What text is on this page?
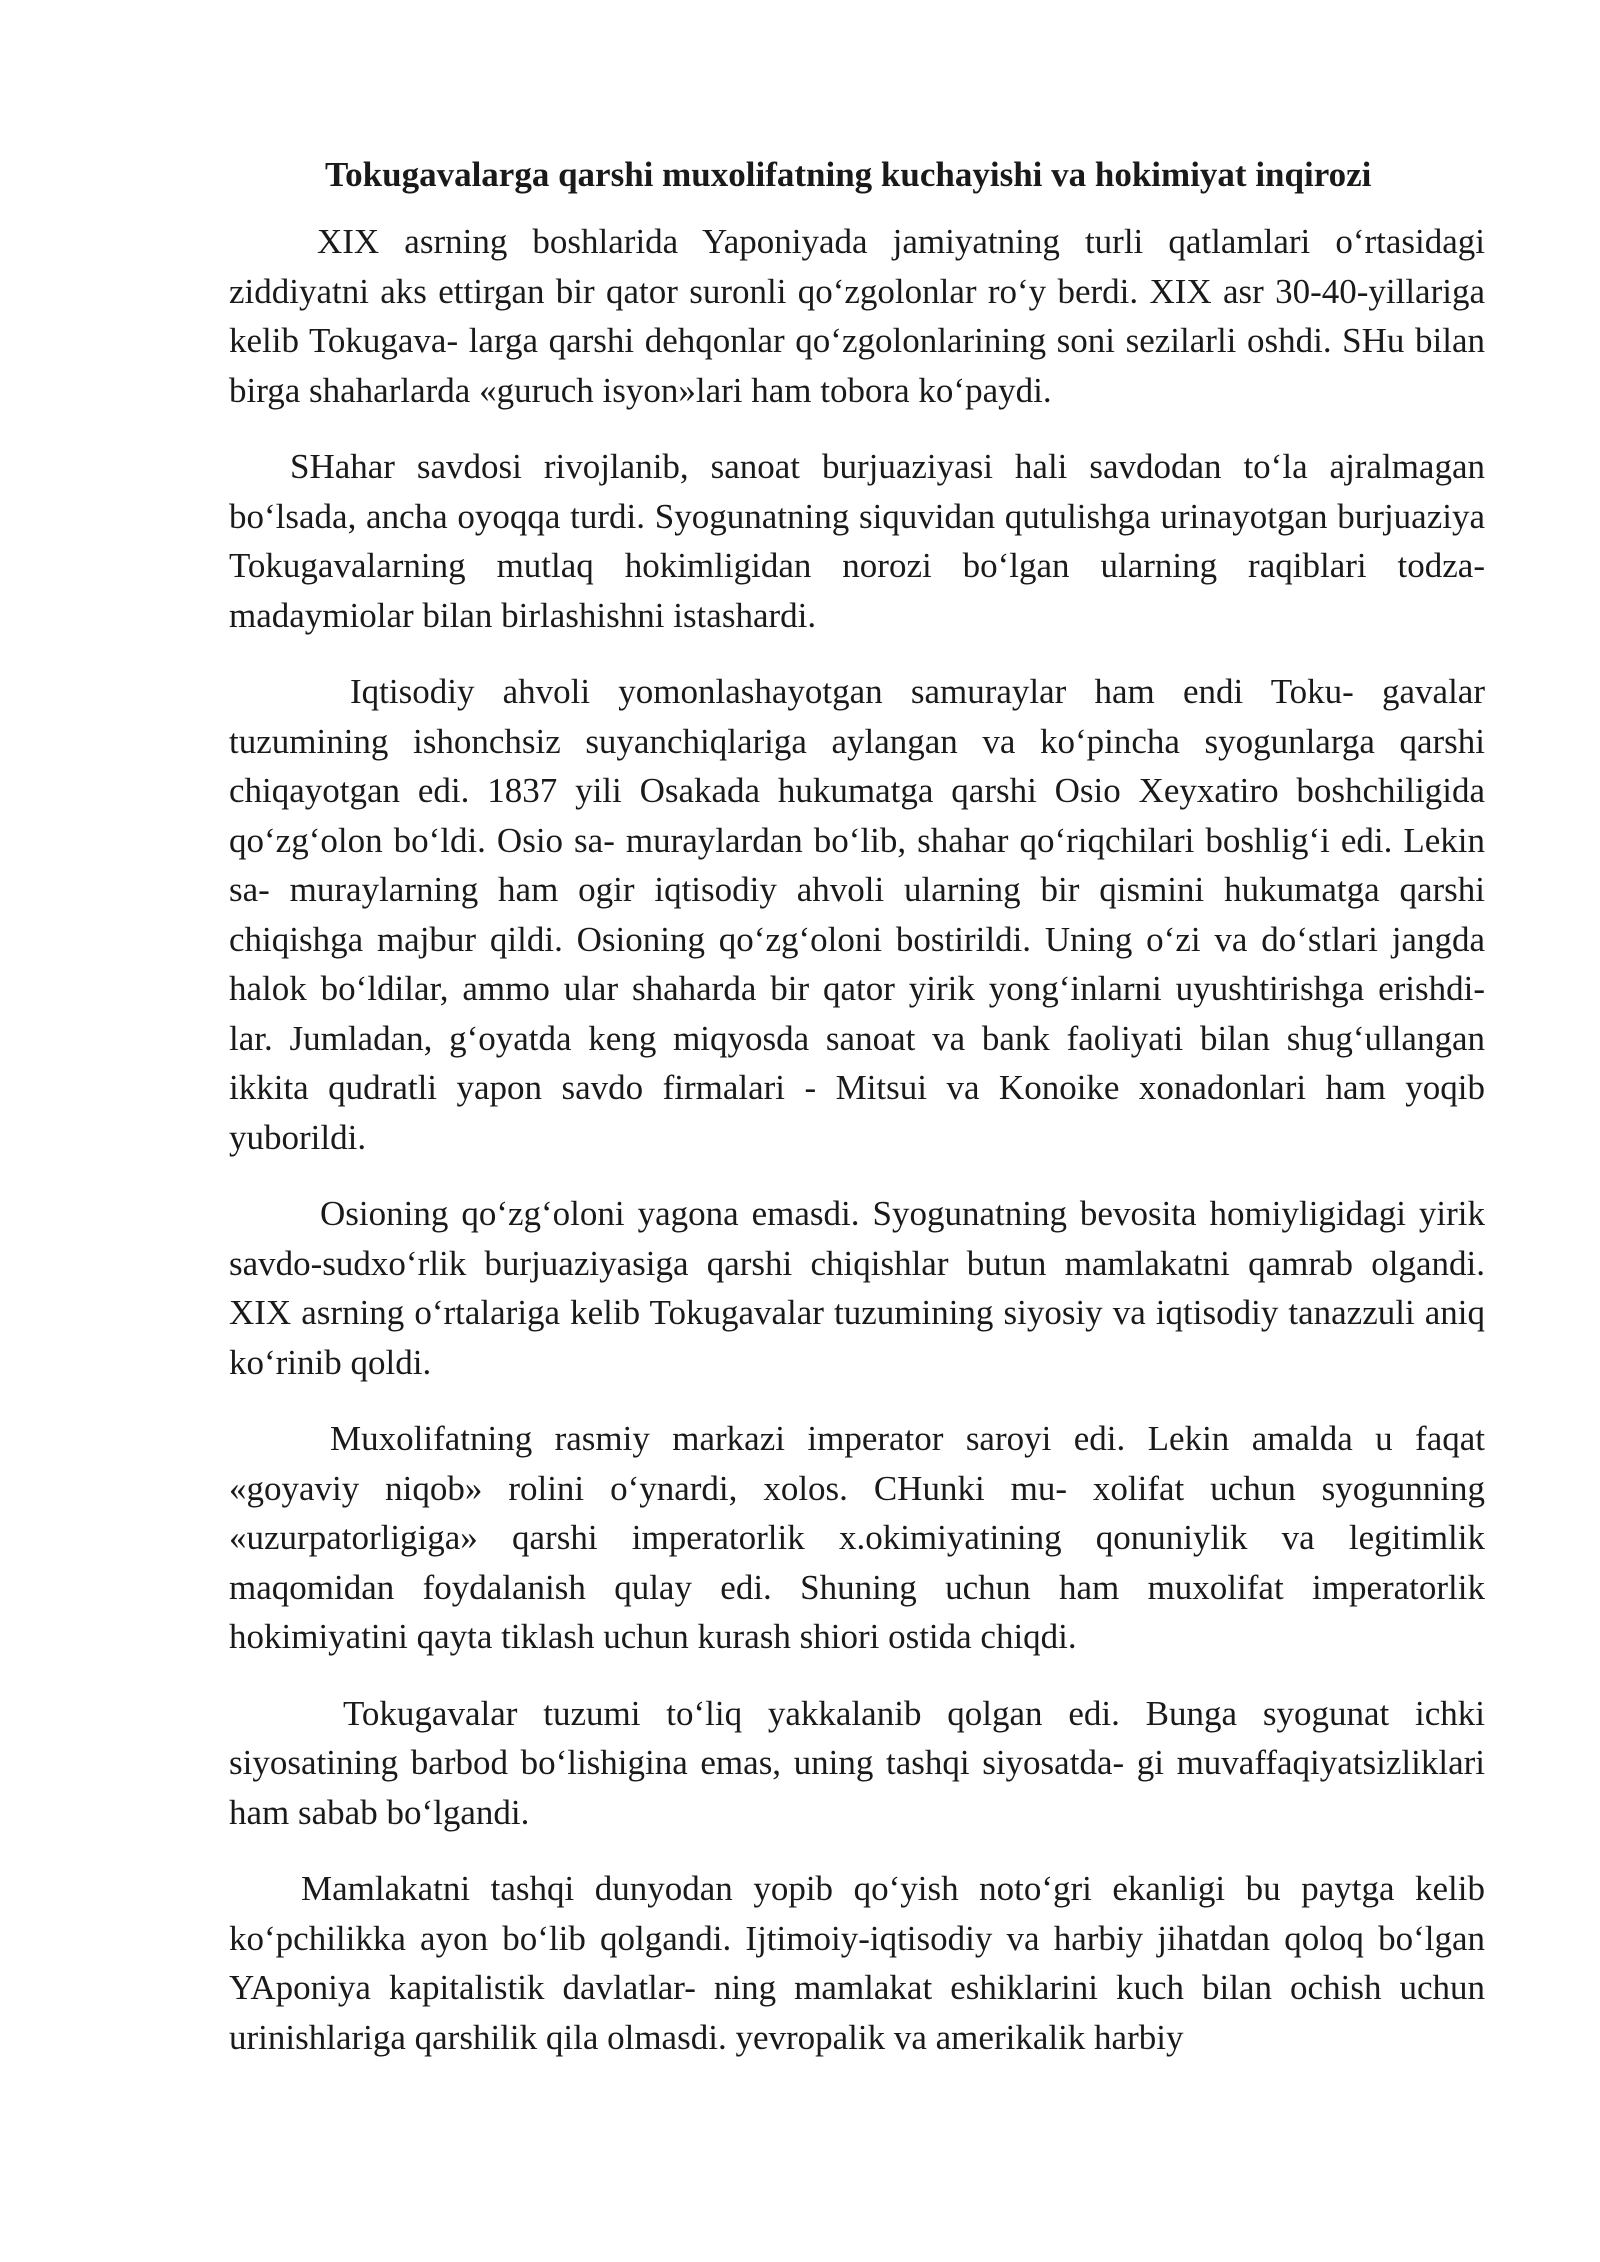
Tokugavalarga qarshi muxolifatning kuchayishi va hokimiyat inqirozi

XIX asrning boshlarida Yaponiyada jamiyatning turli qatlamlari o‘rtasidagi ziddiyatni aks ettirgan bir qator suronli qo‘zgolonlar ro‘y berdi. XIX asr 30-40-yillariga kelib Tokugava- larga qarshi dehqonlar qo‘zgolonlarining soni sezilarli oshdi. SHu bilan birga shaharlarda «guruch isyon»lari ham tobora ko‘paydi.

SHahar savdosi rivojlanib, sanoat burjuaziyasi hali savdodan to‘la ajralmagan bo‘lsada, ancha oyoqqa turdi. Syogunatning siquvidan qutulishga urinayotgan burjuaziya Tokugavalarning mutlaq hokimligidan norozi bo‘lgan ularning raqiblari todza- madaymiolar bilan birlashishni istashardi.

Iqtisodiy ahvoli yomonlashayotgan samuraylar ham endi Toku- gavalar tuzumining ishonchsiz suyanchiqlariga aylangan va ko‘pincha syogunlarga qarshi chiqayotgan edi. 1837 yili Osakada hukumatga qarshi Osio Xeyxatiro boshchiligida qo‘zg‘olon bo‘ldi. Osio sa- muraylardan bo‘lib, shahar qo‘riqchilari boshlig‘i edi. Lekin sa- muraylarning ham ogir iqtisodiy ahvoli ularning bir qismini hukumatga qarshi chiqishga majbur qildi. Osioning qo‘zg‘oloni bostirildi. Uning o‘zi va do‘stlari jangda halok bo‘ldilar, ammo ular shaharda bir qator yirik yong‘inlarni uyushtirishga erishdi- lar. Jumladan, g‘oyatda keng miqyosda sanoat va bank faoliyati bilan shug‘ullangan ikkita qudratli yapon savdo firmalari - Mitsui va Konoike xonadonlari ham yoqib yuborildi.

Osioning qo‘zg‘oloni yagona emasdi. Syogunatning bevosita homiyligidagi yirik savdo-sudxo‘rlik burjuaziyasiga qarshi chiqishlar butun mamlakatni qamrab olgandi. XIX asrning o‘rtalariga kelib Tokugavalar tuzumining siyosiy va iqtisodiy tanazzuli aniq ko‘rinib qoldi.

Muxolifatning rasmiy markazi imperator saroyi edi. Lekin amalda u faqat «goyaviy niqob» rolini o‘ynardi, xolos. CHunki mu- xolifat uchun syogunning «uzurpatorligiga» qarshi imperatorlik x.okimiyatining qonuniylik va legitimlik maqomidan foydalanish qulay edi. Shuning uchun ham muxolifat imperatorlik hokimiyatini qayta tiklash uchun kurash shiori ostida chiqdi.

Tokugavalar tuzumi to‘liq yakkalanib qolgan edi. Bunga syogunat ichki siyosatining barbod bo‘lishigina emas, uning tashqi siyosatda- gi muvaffaqiyatsizliklari ham sabab bo‘lgandi.

Mamlakatni tashqi dunyodan yopib qo‘yish noto‘gri ekanligi bu paytga kelib ko‘pchilikka ayon bo‘lib qolgandi. Ijtimoiy-iqtisodiy va harbiy jihatdan qoloq bo‘lgan YAponiya kapitalistik davlatlar- ning mamlakat eshiklarini kuch bilan ochish uchun urinishlariga qarshilik qila olmasdi. yevropalik va amerikalik harbiy
